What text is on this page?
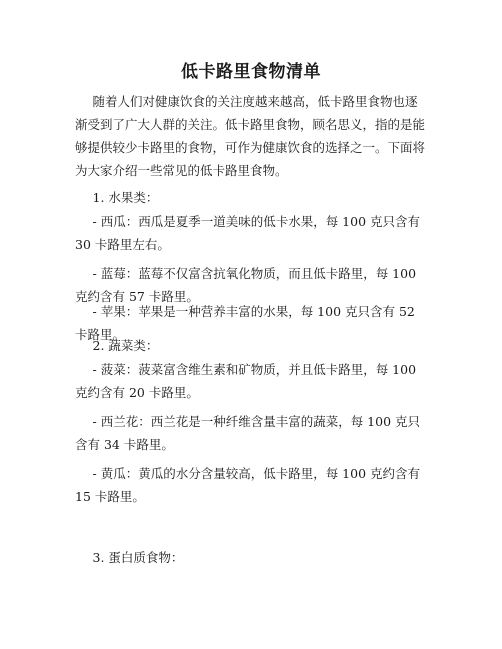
低卡路里食物清单

随着人们对健康饮食的关注度越来越高，低卡路里食物也逐渐受到了广大人群的关注。低卡路里食物，顾名思义，指的是能够提供较少卡路里的食物，可作为健康饮食的选择之一。下面将为大家介绍一些常见的低卡路里食物。

1. 水果类：

- 西瓜：西瓜是夏季一道美味的低卡水果，每 100 克只含有 30 卡路里左右。

- 蓝莓：蓝莓不仅富含抗氧化物质，而且低卡路里，每 100 克约含有 57 卡路里。

- 苹果：苹果是一种营养丰富的水果，每 100 克只含有 52 卡路里。

2. 蔬菜类：

- 菠菜：菠菜富含维生素和矿物质，并且低卡路里，每 100 克约含有 20 卡路里。

- 西兰花：西兰花是一种纤维含量丰富的蔬菜，每 100 克只含有 34 卡路里。

- 黄瓜：黄瓜的水分含量较高，低卡路里，每 100 克约含有 15 卡路里。

3. 蛋白质食物：
